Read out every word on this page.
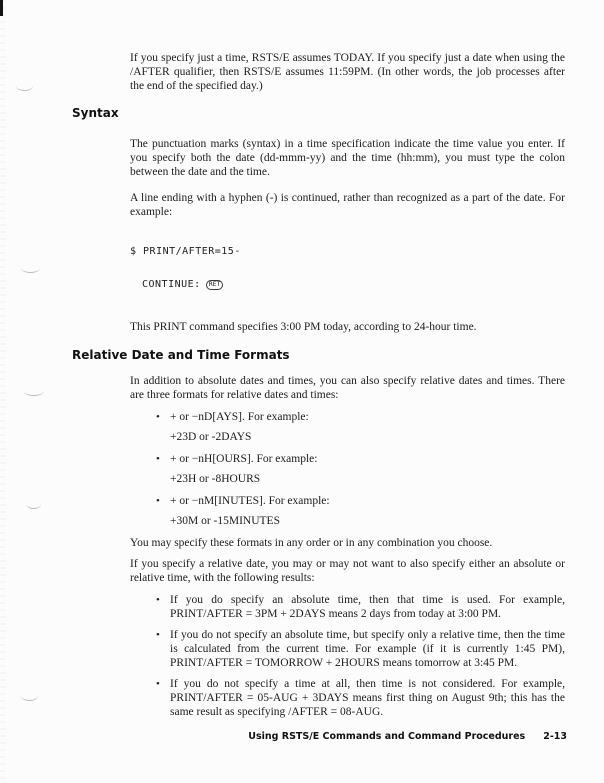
If you specify just a time, RSTS/E assumes TODAY. If you specify just a date when using the /AFTER qualifier, then RSTS/E assumes 11:59PM. (In other words, the job processes after the end of the specified day.)

Syntax

The punctuation marks (syntax) in a time specification indicate the time value you enter. If you specify both the date (dd-mmm-yy) and the time (hh:mm), you must type the colon between the date and the time.

A line ending with a hyphen (-) is continued, rather than recognized as a part of the date. For example:

$ PRINT/AFTER=15-

CONTINUE: RET

This PRINT command specifies 3:00 PM today, according to 24-hour time.

Relative Date and Time Formats

In addition to absolute dates and times, you can also specify relative dates and times. There are three formats for relative dates and times:

• + or −nD[AYS]. For example:
+23D or -2DAYS
• + or −nH[OURS]. For example:
+23H or -8HOURS
• + or −nM[INUTES]. For example:
+30M or -15MINUTES

You may specify these formats in any order or in any combination you choose.

If you specify a relative date, you may or may not want to also specify either an absolute or relative time, with the following results:

• If you do specify an absolute time, then that time is used. For example, PRINT/AFTER = 3PM + 2DAYS means 2 days from today at 3:00 PM.
• If you do not specify an absolute time, but specify only a relative time, then the time is calculated from the current time. For example (if it is currently 1:45 PM), PRINT/AFTER = TOMORROW + 2HOURS means tomorrow at 3:45 PM.
• If you do not specify a time at all, then time is not considered. For example, PRINT/AFTER = 05-AUG + 3DAYS means first thing on August 9th; this has the same result as specifying /AFTER = 08-AUG.
Using RSTS/E Commands and Command Procedures 2-13
